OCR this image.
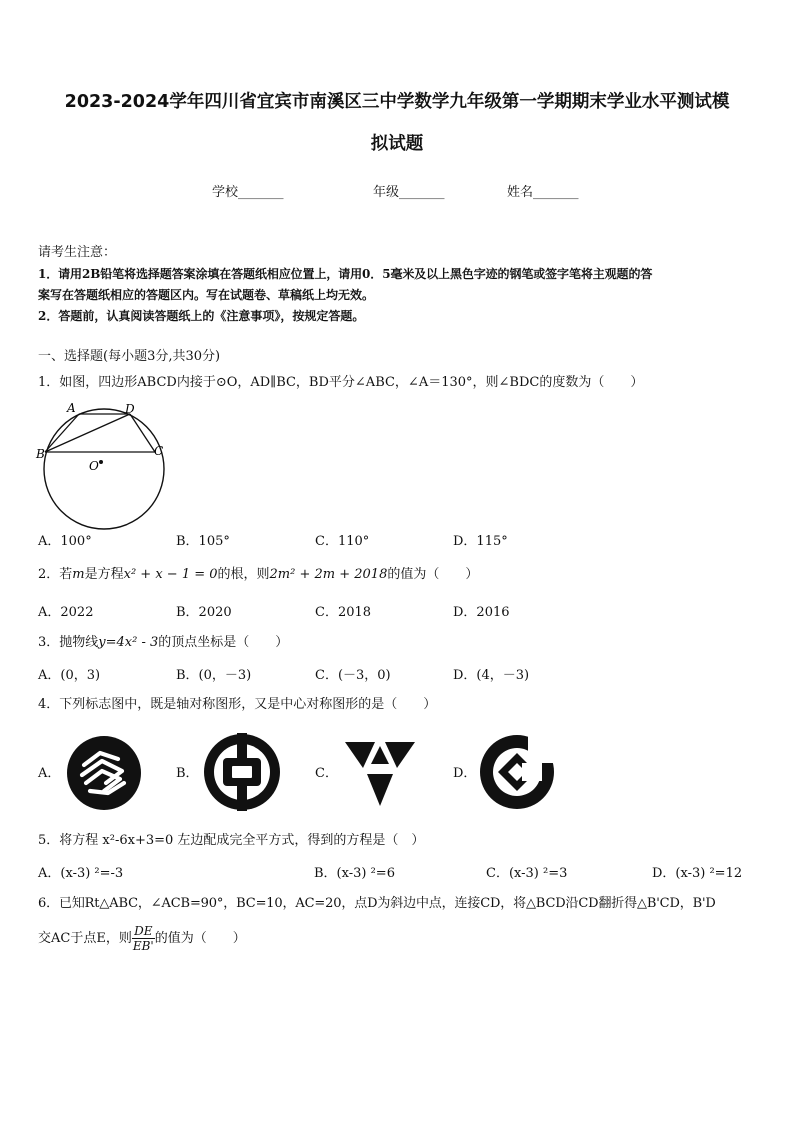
2023-2024学年四川省宜宾市南溪区三中学数学九年级第一学期期末学业水平测试模
拟试题
学校_______	年级_______	姓名_______
请考生注意：
1．请用2B铅笔将选择题答案涂填在答题纸相应位置上，请用0．5毫米及以上黑色字迹的钢笔或签字笔将主观题的答
案写在答题纸相应的答题区内。写在试题卷、草稿纸上均无效。
2．答题前，认真阅读答题纸上的《注意事项》，按规定答题。
一、选择题(每小题3分,共30分)
1．如图，四边形ABCD内接于⊙O，AD∥BC，BD平分∠ABC，∠A＝130°，则∠BDC的度数为（　　）
A	D
B	C
O
A．100°	B．105°	C．110°	D．115°
2．若m是方程x² + x − 1 = 0的根，则2m² + 2m + 2018的值为（　　）
A．2022	B．2020	C．2018	D．2016
3．抛物线y=4x² - 3的顶点坐标是（　　）
A．(0，3)	B．(0，－3)	C．(－3，0)	D．(4，－3)
4．下列标志图中，既是轴对称图形，又是中心对称图形的是（　　）
A．	B．	C．	D．
5．将方程 x²-6x+3=0 左边配成完全平方式，得到的方程是（　）
A．(x-3) ²=-3	B．(x-3) ²=6	C．(x-3) ²=3	D．(x-3) ²=12
6．已知Rt△ABC，∠ACB=90°，BC=10，AC=20，点D为斜边中点，连接CD，将△BCD沿CD翻折得△B'CD，B'D
交AC于点E，则 $\frac{DE}{EB'}$ 的值为（　　）
